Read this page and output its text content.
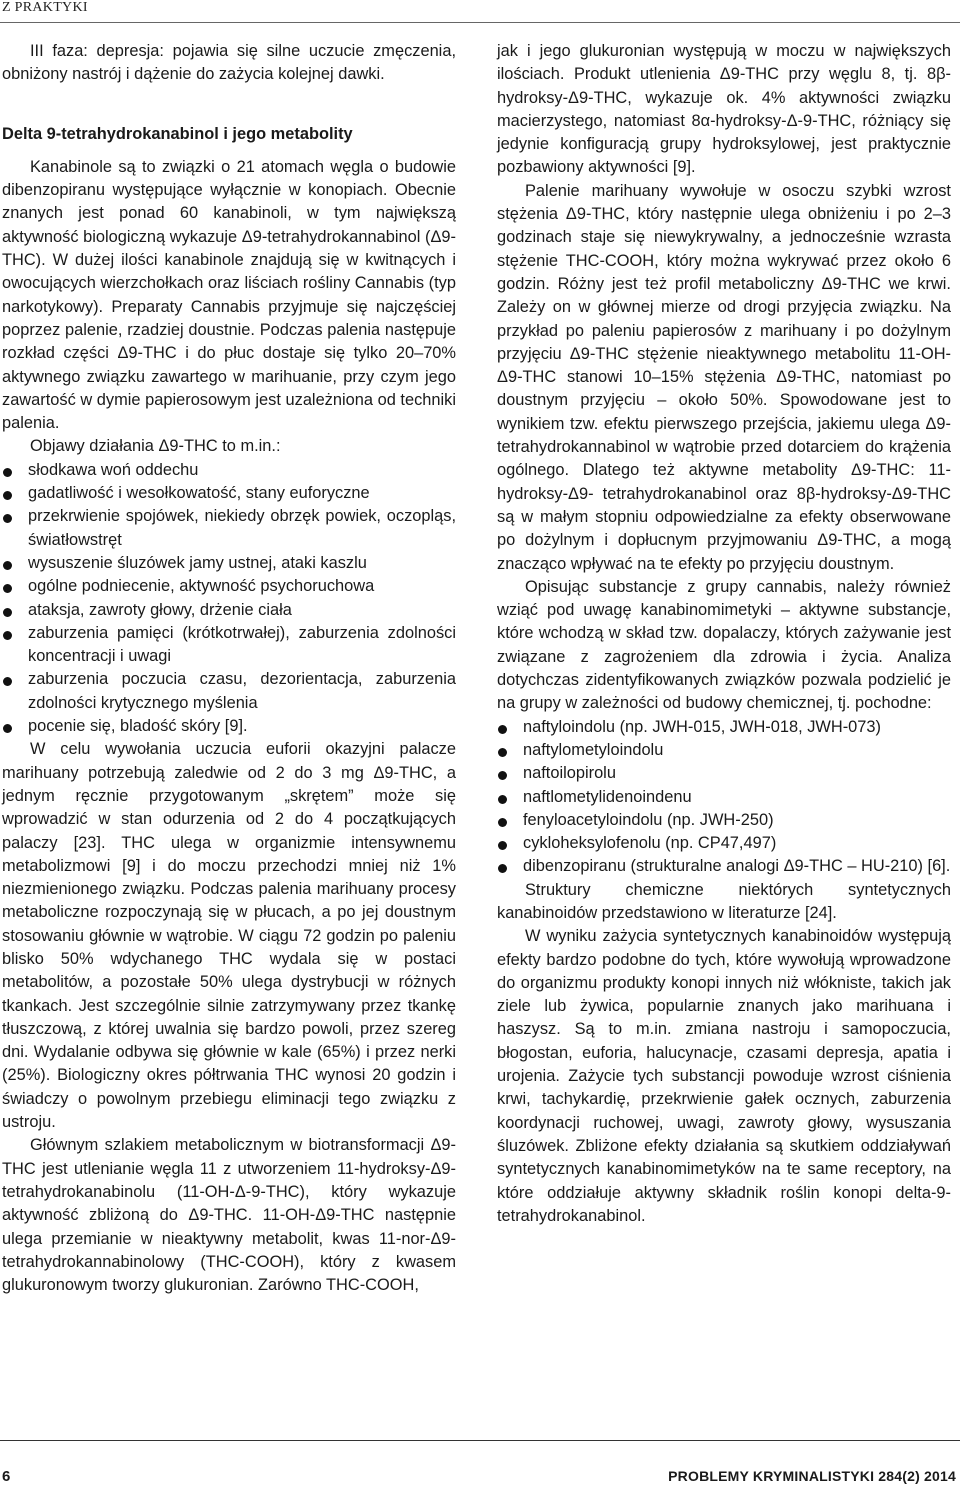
Z PRAKTYKI

III faza: depresja: pojawia się silne uczucie zmęczenia, obniżony nastrój i dążenie do zażycia kolejnej dawki.

Delta 9-tetrahydrokanabinol i jego metabolity

Kanabinole są to związki o 21 atomach węgla o budowie dibenzopiranu występujące wyłącznie w konopiach. Obecnie znanych jest ponad 60 kanabinoli, w tym największą aktywność biologiczną wykazuje Δ9-tetrahydrokannabinol (Δ9-THC). W dużej ilości kanabinole znajdują się w kwitnących i owocujących wierzchołkach oraz liściach rośliny Cannabis (typ narkotykowy). Preparaty Cannabis przyjmuje się najczęściej poprzez palenie, rzadziej doustnie. Podczas palenia następuje rozkład części Δ9-THC i do płuc dostaje się tylko 20–70% aktywnego związku zawartego w marihuanie, przy czym jego zawartość w dymie papierosowym jest uzależniona od techniki palenia.

Objawy działania Δ9-THC to m.in.:

słodkawa woń oddechu
gadatliwość i wesołkowatość, stany euforyczne
przekrwienie spojówek, niekiedy obrzęk powiek, oczopląs, światłowstręt
wysuszenie śluzówek jamy ustnej, ataki kaszlu
ogólne podniecenie, aktywność psychoruchowa
ataksja, zawroty głowy, drżenie ciała
zaburzenia pamięci (krótkotrwałej), zaburzenia zdolności koncentracji i uwagi
zaburzenia poczucia czasu, dezorientacja, zaburzenia zdolności krytycznego myślenia
pocenie się, bladość skóry [9].

W celu wywołania uczucia euforii okazyjni palacze marihuany potrzebują zaledwie od 2 do 3 mg Δ9-THC, a jednym ręcznie przygotowanym „skrętem” może się wprowadzić w stan odurzenia od 2 do 4 początkujących palaczy [23]. THC ulega w organizmie intensywnemu metabolizmowi [9] i do moczu przechodzi mniej niż 1% niezmienionego związku. Podczas palenia marihuany procesy metaboliczne rozpoczynają się w płucach, a po jej doustnym stosowaniu głównie w wątrobie. W ciągu 72 godzin po paleniu blisko 50% wdychanego THC wydala się w postaci metabolitów, a pozostałe 50% ulega dystrybucji w różnych tkankach. Jest szczególnie silnie zatrzymywany przez tkankę tłuszczową, z której uwalnia się bardzo powoli, przez szereg dni. Wydalanie odbywa się głównie w kale (65%) i przez nerki (25%). Biologiczny okres półtrwania THC wynosi 20 godzin i świadczy o powolnym przebiegu eliminacji tego związku z ustroju.

Głównym szlakiem metabolicznym w biotransformacji Δ9-THC jest utlenianie węgla 11 z utworzeniem 11-hydroksy-Δ9-tetrahydrokanabinolu (11-OH-Δ-9-THC), który wykazuje aktywność zbliżoną do Δ9-THC. 11-OH-Δ9-THC następnie ulega przemianie w nieaktywny metabolit, kwas 11-nor-Δ9-tetrahydrokannabinolowy (THC-COOH), który z kwasem glukuronowym tworzy glukuronian. Zarówno THC-COOH,

jak i jego glukuronian występują w moczu w największych ilościach. Produkt utlenienia Δ9-THC przy węglu 8, tj. 8β-hydroksy-Δ9-THC, wykazuje ok. 4% aktywności związku macierzystego, natomiast 8α-hydroksy-Δ-9-THC, różniący się jedynie konfiguracją grupy hydroksylowej, jest praktycznie pozbawiony aktywności [9].

Palenie marihuany wywołuje w osoczu szybki wzrost stężenia Δ9-THC, który następnie ulega obniżeniu i po 2–3 godzinach staje się niewykrywalny, a jednocześnie wzrasta stężenie THC-COOH, który można wykrywać przez około 6 godzin. Różny jest też profil metaboliczny Δ9-THC we krwi. Zależy on w głównej mierze od drogi przyjęcia związku. Na przykład po paleniu papierosów z marihuany i po dożylnym przyjęciu Δ9-THC stężenie nieaktywnego metabolitu 11-OH-Δ9-THC stanowi 10–15% stężenia Δ9-THC, natomiast po doustnym przyjęciu – około 50%. Spowodowane jest to wynikiem tzw. efektu pierwszego przejścia, jakiemu ulega Δ9-tetrahydrokannabinol w wątrobie przed dotarciem do krążenia ogólnego. Dlatego też aktywne metabolity Δ9-THC: 11-hydroksy-Δ9- tetrahydrokanabinol oraz 8β-hydroksy-Δ9-THC są w małym stopniu odpowiedzialne za efekty obserwowane po dożylnym i dopłucnym przyjmowaniu Δ9-THC, a mogą znacząco wpływać na te efekty po przyjęciu doustnym.

Opisując substancje z grupy cannabis, należy również wziąć pod uwagę kanabinomimetyki – aktywne substancje, które wchodzą w skład tzw. dopalaczy, których zażywanie jest związane z zagrożeniem dla zdrowia i życia. Analiza dotychczas zidentyfikowanych związków pozwala podzielić je na grupy w zależności od budowy chemicznej, tj. pochodne:

naftyloindolu (np. JWH-015, JWH-018, JWH-073)
naftylometyloindolu
naftoilopirolu
naftlometylidenoindenu
fenyloacetyloindolu (np. JWH-250)
cykloheksylofenolu (np. CP47,497)
dibenzopiranu (strukturalne analogi Δ9-THC – HU-210) [6].

Struktury chemiczne niektórych syntetycznych kanabinoidów przedstawiono w literaturze [24].

W wyniku zażycia syntetycznych kanabinoidów występują efekty bardzo podobne do tych, które wywołują wprowadzone do organizmu produkty konopi innych niż włókniste, takich jak ziele lub żywica, popularnie znanych jako marihuana i haszysz. Są to m.in. zmiana nastroju i samopoczucia, błogostan, euforia, halucynacje, czasami depresja, apatia i urojenia. Zażycie tych substancji powoduje wzrost ciśnienia krwi, tachykardię, przekrwienie gałek ocznych, zaburzenia koordynacji ruchowej, uwagi, zawroty głowy, wysuszania śluzówek. Zbliżone efekty działania są skutkiem oddziaływań syntetycznych kanabinomimetyków na te same receptory, na które oddziałuje aktywny składnik roślin konopi delta-9-tetrahydrokanabinol.

6	PROBLEMY KRYMINALISTYKI 284(2) 2014
